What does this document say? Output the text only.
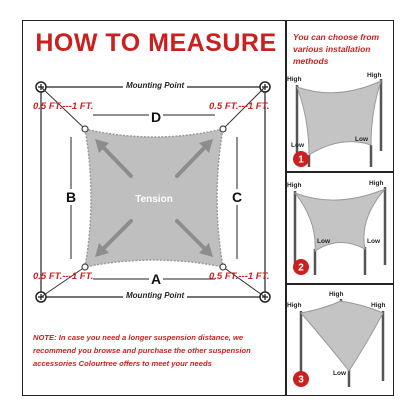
HOW TO MEASURE
Tension
Mounting Point
Mounting Point
0.5 FT.---1 FT.	0.5 FT.---1 FT.
0.5 FT.---1 FT.	0.5 FT.---1 FT.
D
A
B	C
NOTE: In case you need a longer suspension distance, we recommend you browse and purchase the other suspension accessories Colourtree offers to meet your needs
You can choose from various installation methods
High
High
Low
Low
1
High	High
Low	Low
2
High
High
High
Low
3
